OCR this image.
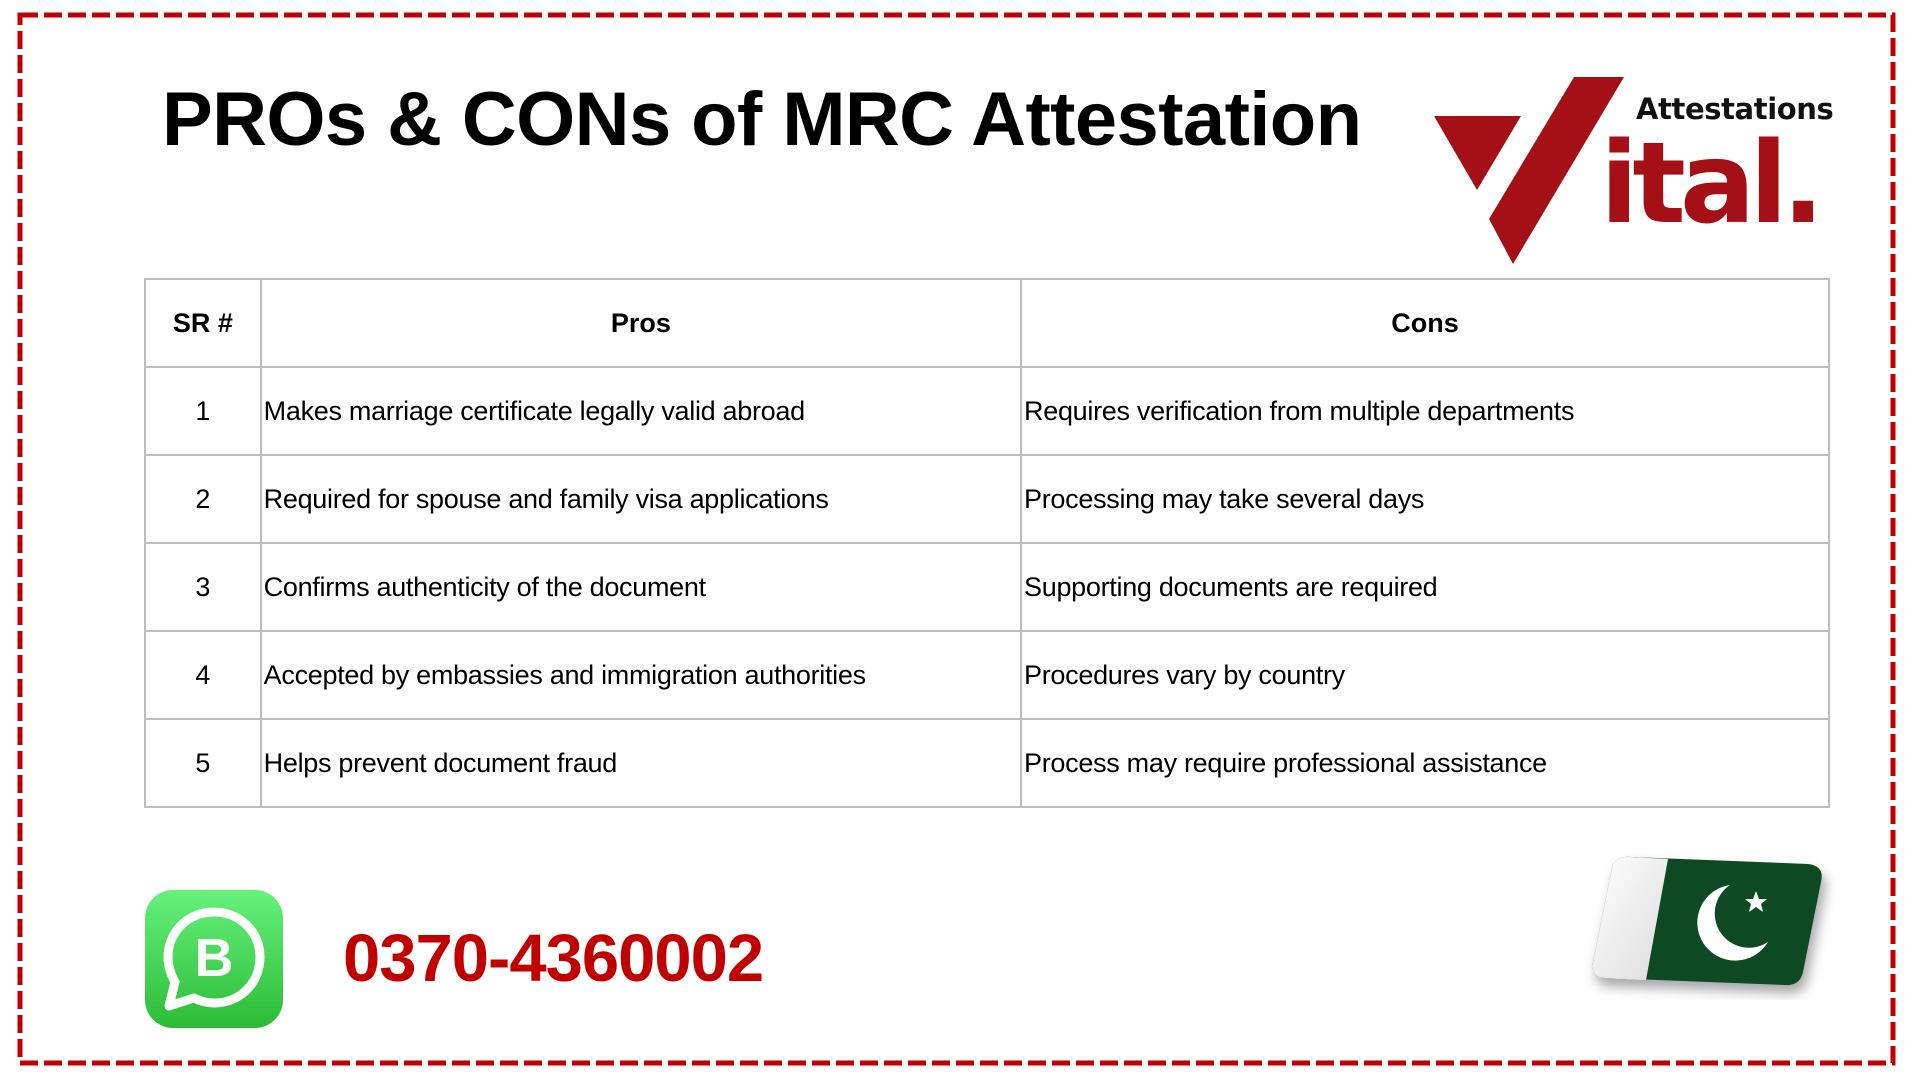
PROs & CONs of MRC Attestation	Attestations
ital.
SR #	Pros	Cons
1	Makes marriage certificate legally valid abroad	Requires verification from multiple departments
2	Required for spouse and family visa applications	Processing may take several days
3	Confirms authenticity of the document	Supporting documents are required
4	Accepted by embassies and immigration authorities	Procedures vary by country
5	Helps prevent document fraud	Process may require professional assistance
B 0370-4360002
